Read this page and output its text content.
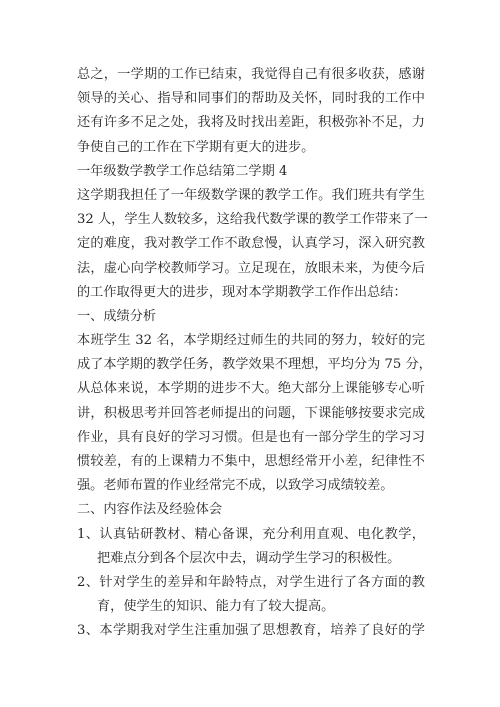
总之，一学期的工作已结束，我觉得自己有很多收获，感谢
领导的关心、指导和同事们的帮助及关怀，同时我的工作中
还有许多不足之处，我将及时找出差距，积极弥补不足，力
争使自己的工作在下学期有更大的进步。
一年级数学教学工作总结第二学期 4
这学期我担任了一年级数学课的教学工作。我们班共有学生
32 人，学生人数较多，这给我代数学课的教学工作带来了一
定的难度，我对教学工作不敢怠慢，认真学习，深入研究教
法，虚心向学校教师学习。立足现在，放眼未来，为使今后
的工作取得更大的进步，现对本学期教学工作作出总结：
一、成绩分析
本班学生 32 名，本学期经过师生的共同的努力，较好的完
成了本学期的教学任务，教学效果不理想，平均分为 75 分，
从总体来说，本学期的进步不大。绝大部分上课能够专心听
讲，积极思考并回答老师提出的问题，下课能够按要求完成
作业，具有良好的学习习惯。但是也有一部分学生的学习习
惯较差，有的上课精力不集中，思想经常开小差，纪律性不
强。老师布置的作业经常完不成，以致学习成绩较差。
二、内容作法及经验体会
1、认真钻研教材、精心备课，充分利用直观、电化教学，
把难点分到各个层次中去，调动学生学习的积极性。
2、针对学生的差异和年龄特点，对学生进行了各方面的教
育，使学生的知识、能力有了较大提高。
3、本学期我对学生注重加强了思想教育，培养了良好的学
